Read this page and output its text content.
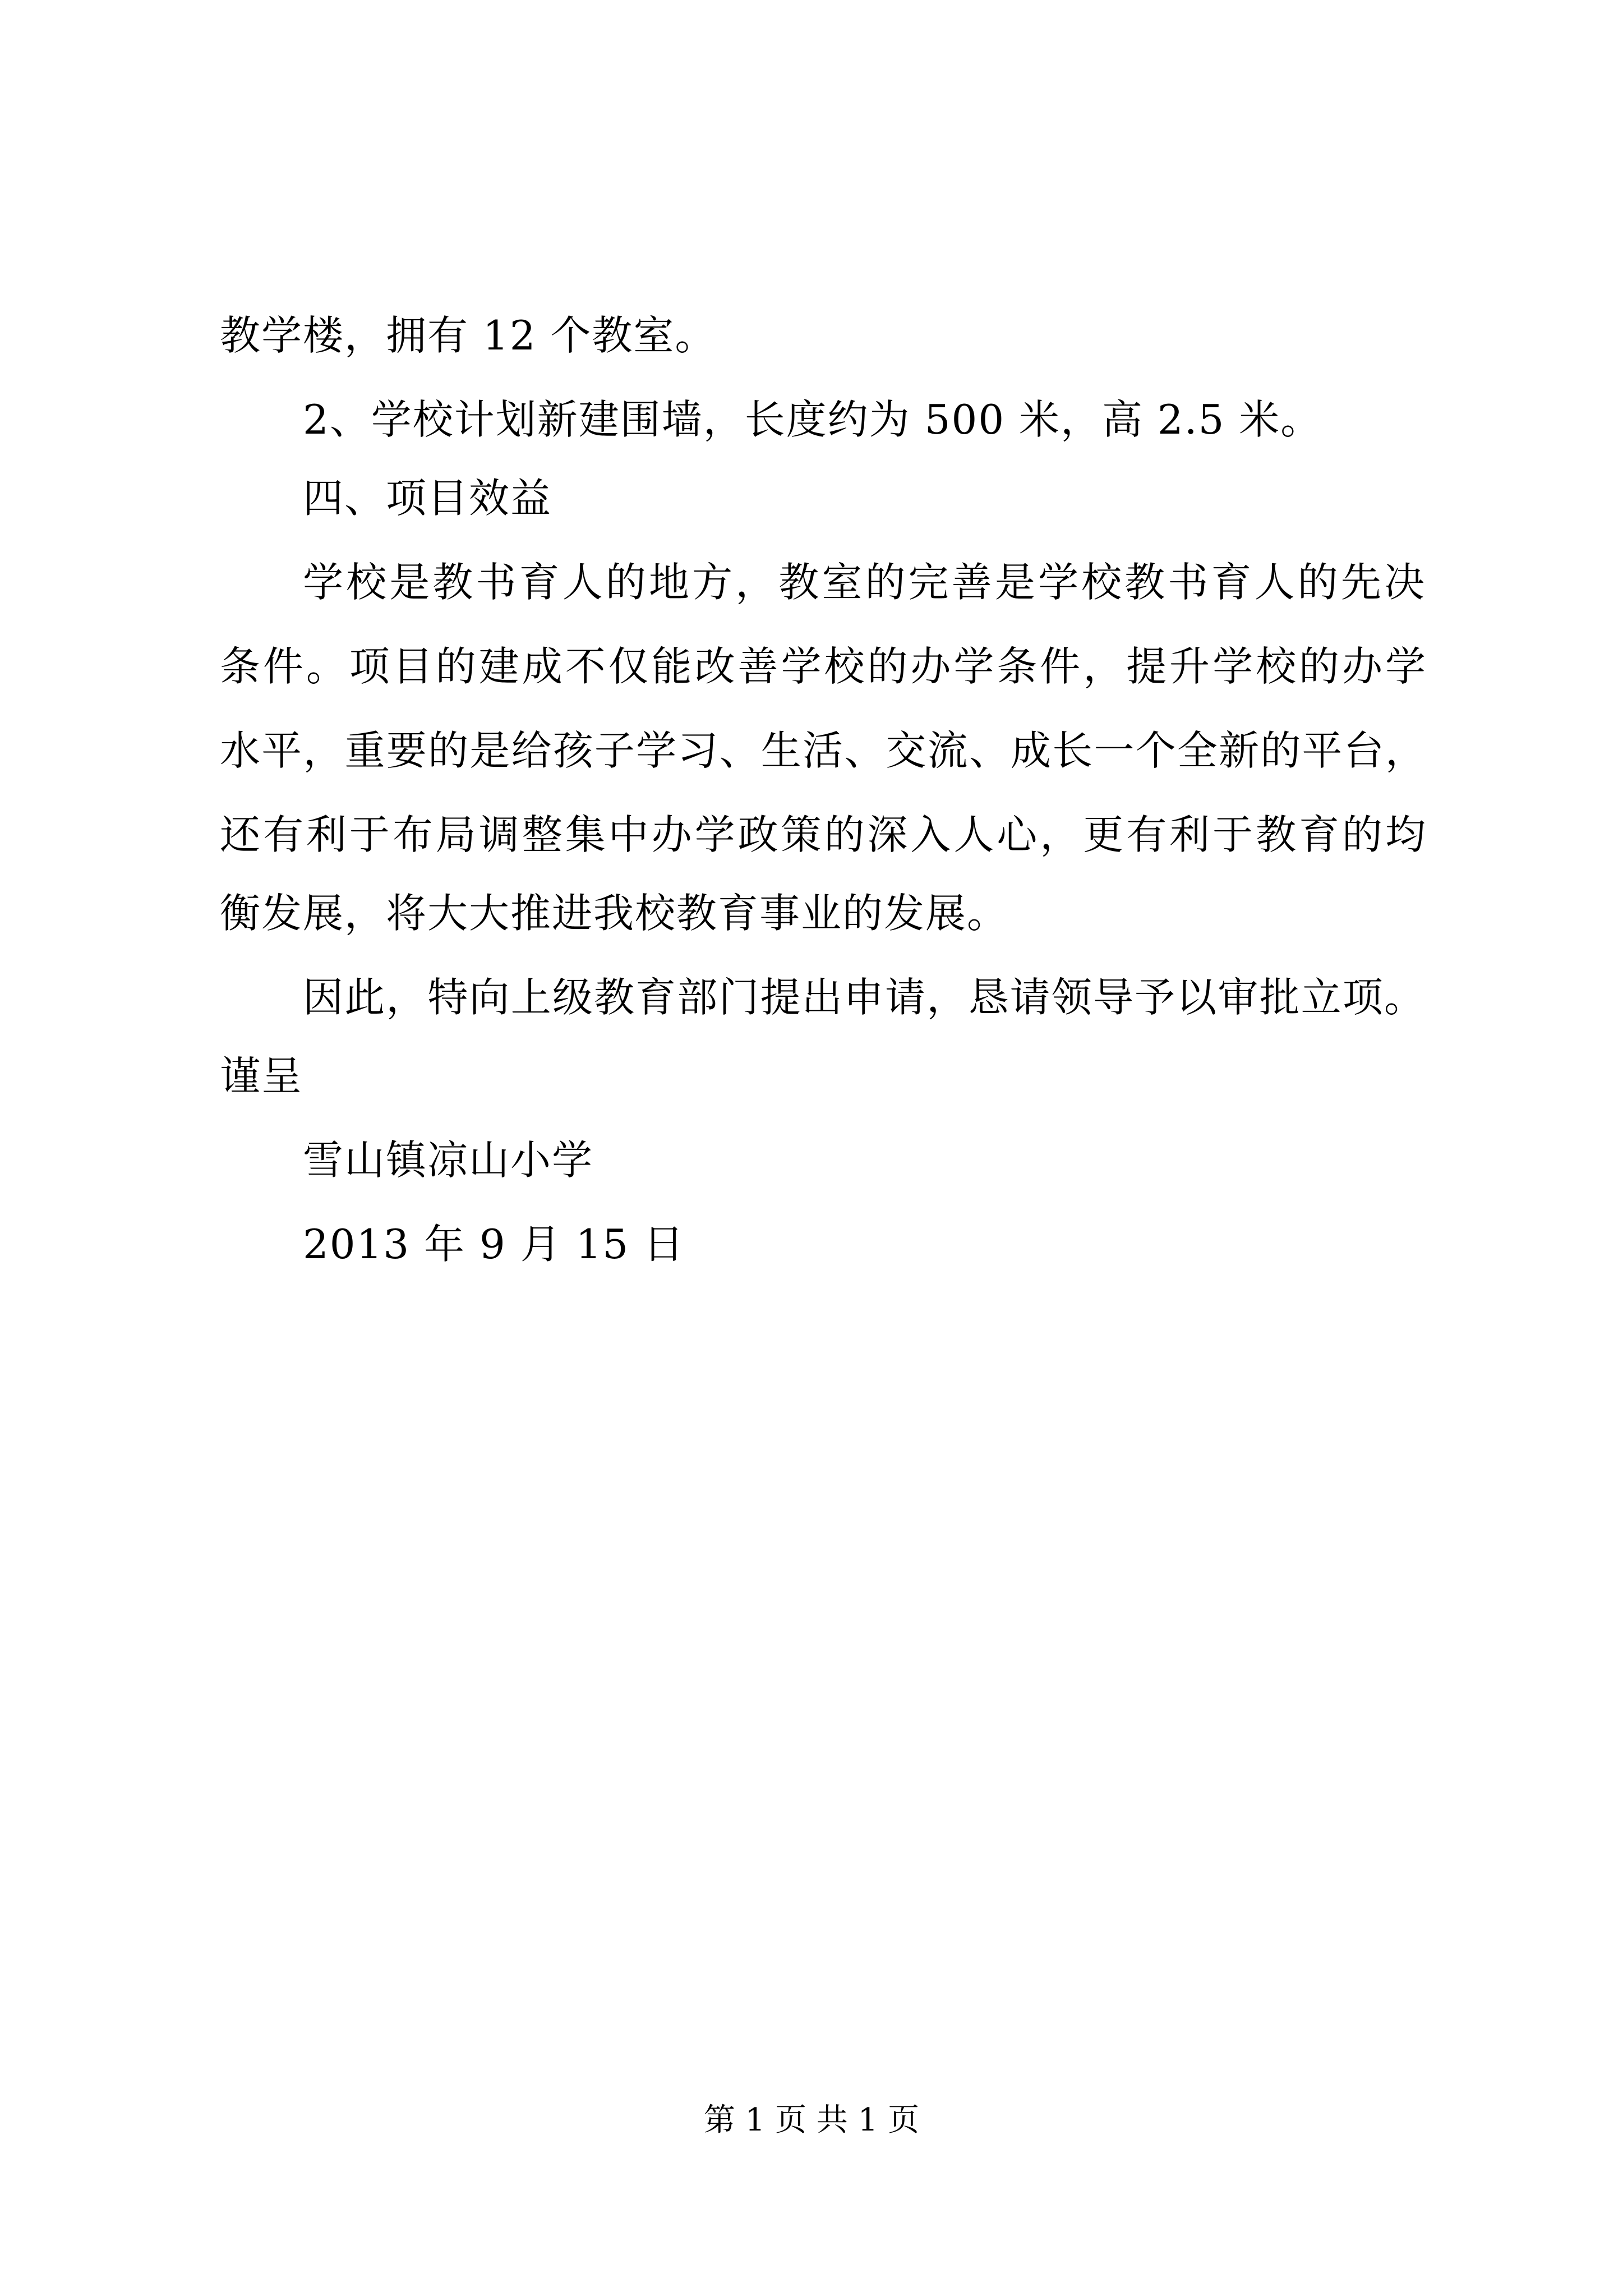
教学楼，拥有 12 个教室。
2、学校计划新建围墙，长度约为 500 米，高 2.5 米。
四、项目效益
学校是教书育人的地方，教室的完善是学校教书育人的先决
条件。项目的建成不仅能改善学校的办学条件，提升学校的办学
水平，重要的是给孩子学习、生活、交流、成长一个全新的平台，
还有利于布局调整集中办学政策的深入人心，更有利于教育的均
衡发展，将大大推进我校教育事业的发展。
因此，特向上级教育部门提出申请，恳请领导予以审批立项。
谨呈
雪山镇凉山小学
2013 年 9 月 15 日
第 1 页 共 1 页
